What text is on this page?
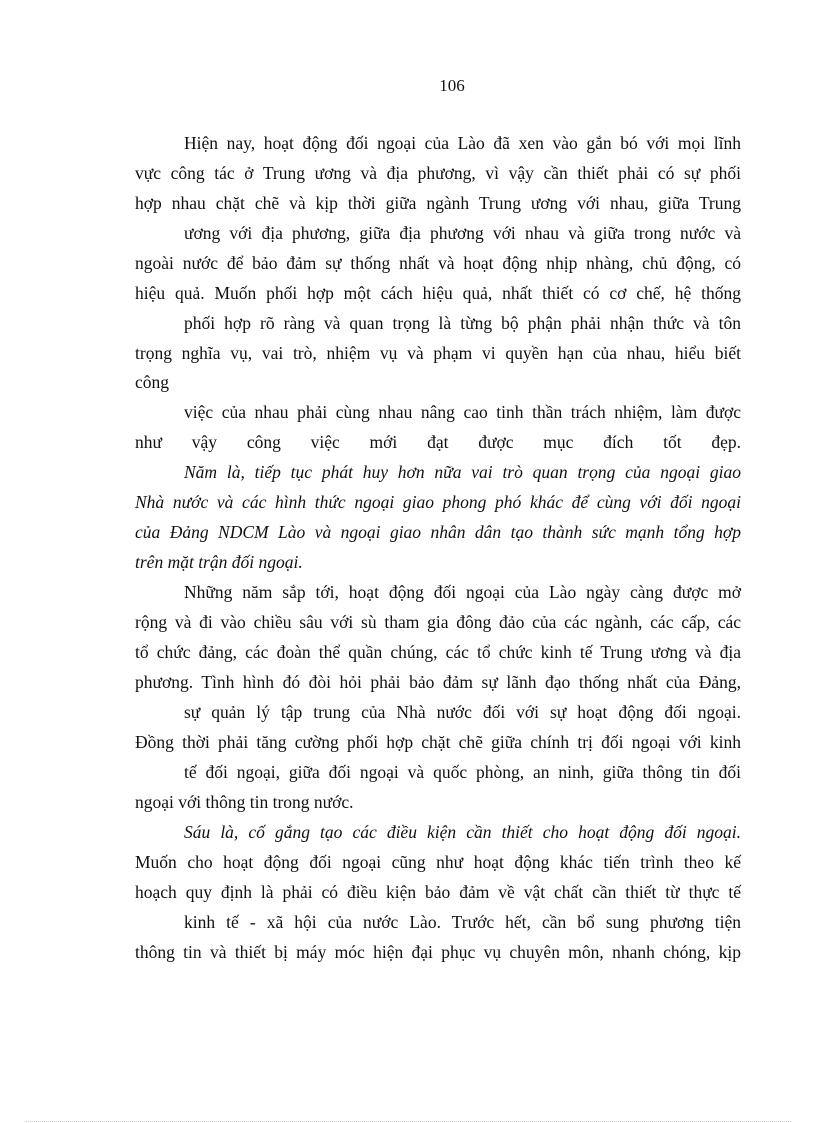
106
Hiện nay, hoạt động đối ngoại của Lào đã xen vào gắn bó với mọi lĩnh
vực công tác ở Trung ương và địa phương, vì vậy cần thiết phải có sự phối
hợp nhau chặt chẽ và kịp thời giữa ngành Trung ương với nhau, giữa Trung
ương với địa phương, giữa địa phương với nhau và giữa trong nước và
ngoài nước để bảo đảm sự thống nhất và hoạt động nhịp nhàng, chủ động, có
hiệu quả. Muốn phối hợp một cách hiệu quả, nhất thiết có cơ chế, hệ thống
phối hợp rõ ràng và quan trọng là từng bộ phận phải nhận thức và tôn
trọng nghĩa vụ, vai trò, nhiệm vụ và phạm vi quyền hạn của nhau, hiểu biết
công
việc của nhau phải cùng nhau nâng cao tinh thần trách nhiệm, làm được
như vậy công việc mới đạt được mục đích tốt đẹp.
Năm là, tiếp tục phát huy hơn nữa vai trò quan trọng của ngoại giao
Nhà nước và các hình thức ngoại giao phong phó khác để cùng với đối ngoại
của Đảng NDCM Lào và ngoại giao nhân dân tạo thành sức mạnh tổng hợp
trên mặt trận đối ngoại.
Những năm sắp tới, hoạt động đối ngoại của Lào ngày càng được mở
rộng và đi vào chiều sâu với sù tham gia đông đảo của các ngành, các cấp, các
tổ chức đảng, các đoàn thể quần chúng, các tổ chức kinh tế Trung ương và địa
phương. Tình hình đó đòi hỏi phải bảo đảm sự lãnh đạo thống nhất của Đảng,
sự quản lý tập trung của Nhà nước đối với sự hoạt động đối ngoại.
Đồng thời phải tăng cường phối hợp chặt chẽ giữa chính trị đối ngoại với kinh
tế đối ngoại, giữa đối ngoại và quốc phòng, an ninh, giữa thông tin đối
ngoại với thông tin trong nước.
Sáu là, cố gắng tạo các điều kiện cần thiết cho hoạt động đối ngoại.
Muốn cho hoạt động đối ngoại cũng như hoạt động khác tiến trình theo kế
hoạch quy định là phải có điều kiện bảo đảm về vật chất cần thiết từ thực tế
kinh tế - xã hội của nước Lào. Trước hết, cần bổ sung phương tiện
thông tin và thiết bị máy móc hiện đại phục vụ chuyên môn, nhanh chóng, kịp
